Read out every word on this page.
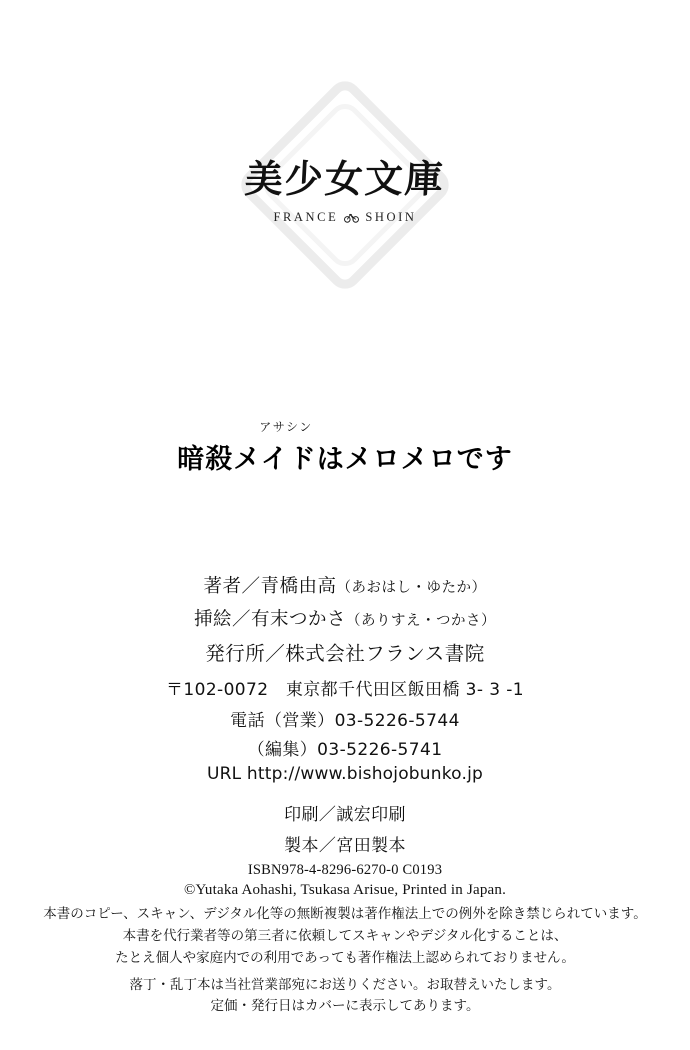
美少女文庫
FRANCE SHOIN
アサシン
暗殺メイドはメロメロです
著者／青橋由高（あおはし・ゆたか）
挿絵／有末つかさ（ありすえ・つかさ）
発行所／株式会社フランス書院
〒102-0072　東京都千代田区飯田橋 3- 3 -1
電話（営業）03-5226-5744
（編集）03-5226-5741
URL http://www.bishojobunko.jp
印刷／誠宏印刷
製本／宮田製本
ISBN978-4-8296-6270-0 C0193
©Yutaka Aohashi, Tsukasa Arisue, Printed in Japan.
本書のコピー、スキャン、デジタル化等の無断複製は著作権法上での例外を除き禁じられています。
本書を代行業者等の第三者に依頼してスキャンやデジタル化することは、
たとえ個人や家庭内での利用であっても著作権法上認められておりません。
落丁・乱丁本は当社営業部宛にお送りください。お取替えいたします。
定価・発行日はカバーに表示してあります。
